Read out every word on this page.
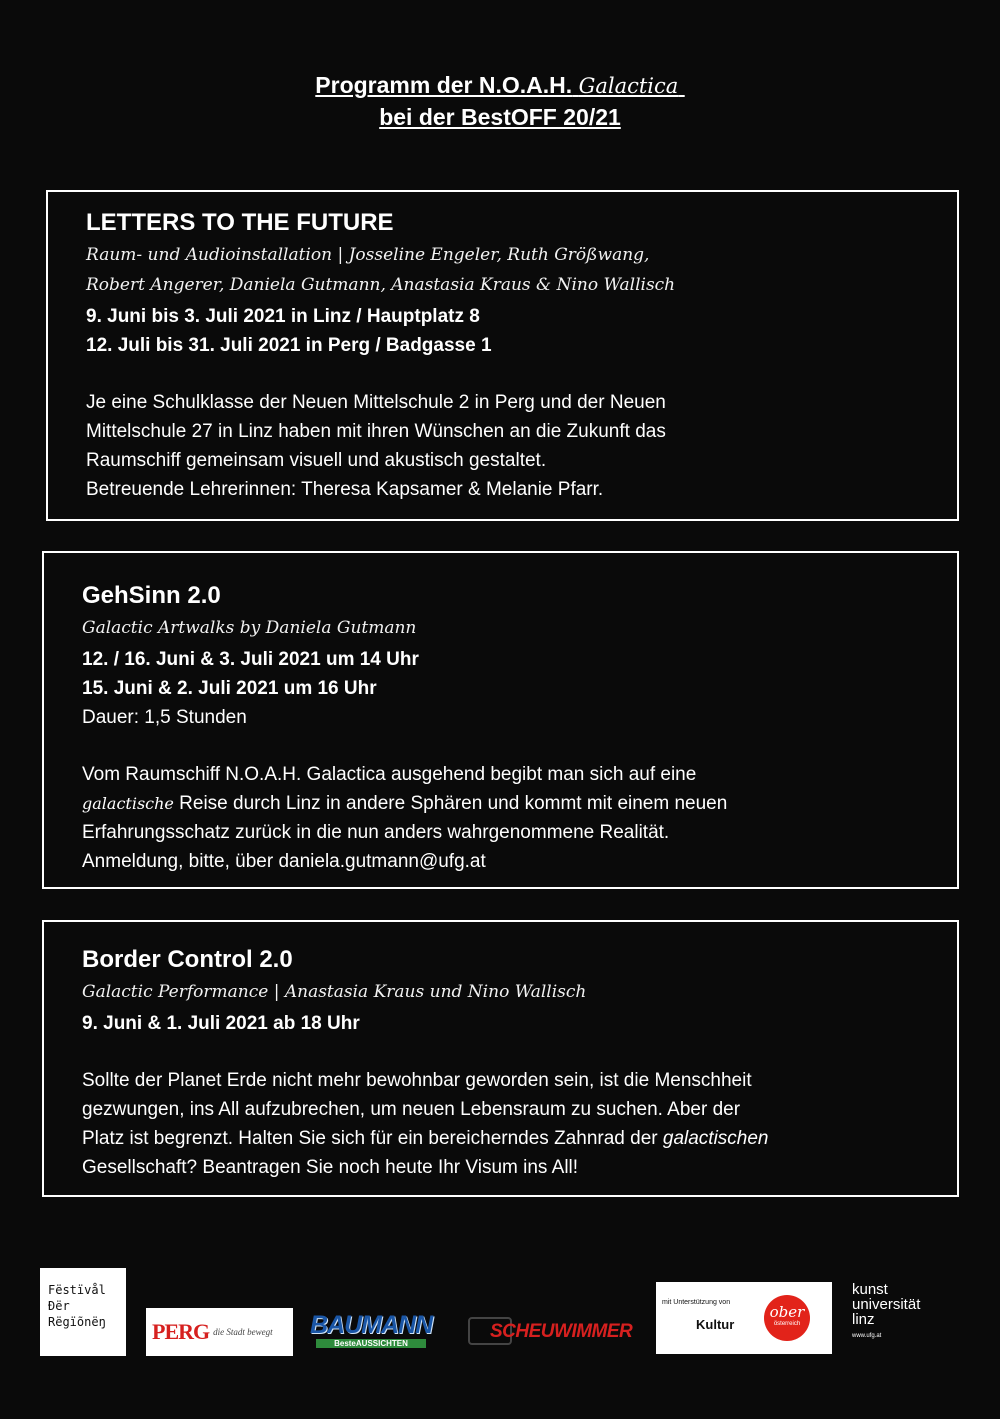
Programm der N.O.A.H. Galactica
bei der BestOFF 20/21
LETTERS TO THE FUTURE

Raum- und Audioinstallation | Josseline Engeler, Ruth Größwang,

Robert Angerer, Daniela Gutmann, Anastasia Kraus & Nino Wallisch

9. Juni bis 3. Juli 2021 in Linz / Hauptplatz 8
12. Juli bis 31. Juli 2021 in Perg / Badgasse 1

Je eine Schulklasse der Neuen Mittelschule 2 in Perg und der Neuen
Mittelschule 27 in Linz haben mit ihren Wünschen an die Zukunft das
Raumschiff gemeinsam visuell und akustisch gestaltet.
Betreuende Lehrerinnen: Theresa Kapsamer & Melanie Pfarr.

GehSinn 2.0

Galactic Artwalks by Daniela Gutmann

12. / 16. Juni & 3. Juli 2021 um 14 Uhr
15. Juni & 2. Juli 2021 um 16 Uhr

Dauer: 1,5 Stunden

Vom Raumschiff N.O.A.H. Galactica ausgehend begibt man sich auf eine
galactische Reise durch Linz in andere Sphären und kommt mit einem neuen
Erfahrungsschatz zurück in die nun anders wahrgenommene Realität.
Anmeldung, bitte, über daniela.gutmann@ufg.at

Border Control 2.0

Galactic Performance | Anastasia Kraus und Nino Wallisch

9. Juni & 1. Juli 2021 ab 18 Uhr

Sollte der Planet Erde nicht mehr bewohnbar geworden sein, ist die Menschheit
gezwungen, ins All aufzubrechen, um neuen Lebensraum zu suchen. Aber der
Platz ist begrenzt. Halten Sie sich für ein bereicherndes Zahnrad der galactischen
Gesellschaft? Beantragen Sie noch heute Ihr Visum ins All!

Fëstïvål
Ðër
Rëgïõnëŋ	PERG die Stadt bewegt BAUMANN
BesteAUSSICHTEN
SCHEUWIMMER
mit Unterstützung von
Kultur
ober
österreich
kunst
universität
linz
www.ufg.at
